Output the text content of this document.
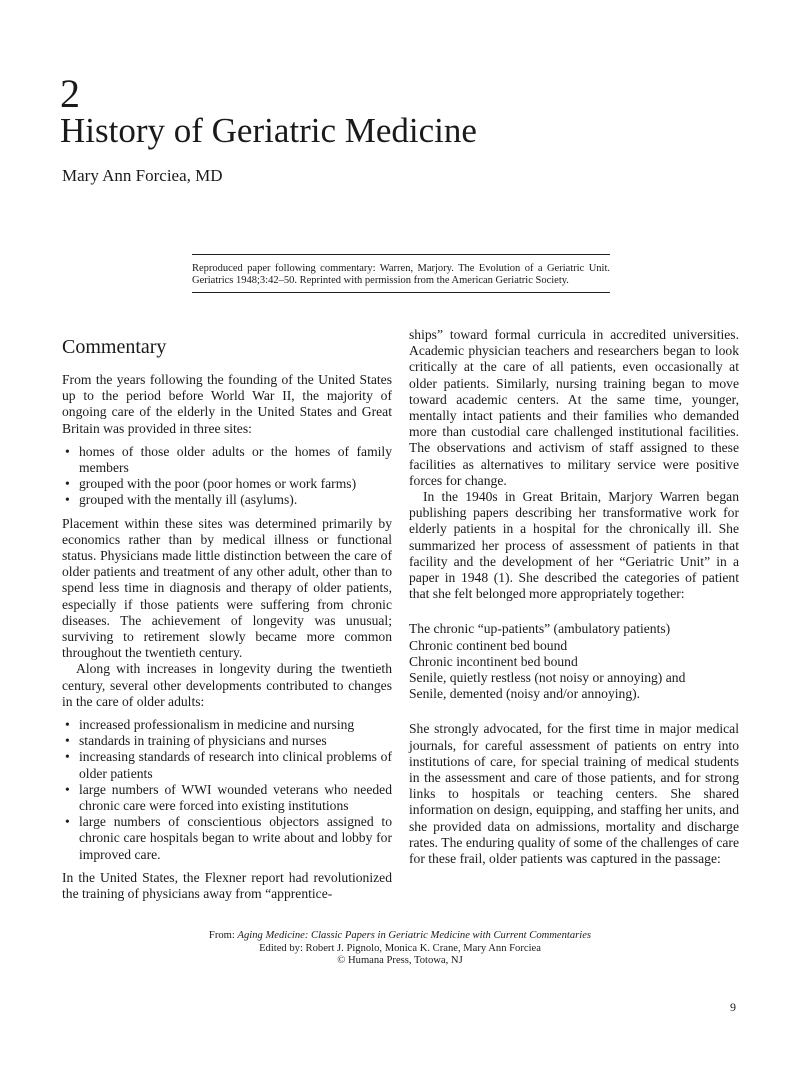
2
History of Geriatric Medicine
Mary Ann Forciea, MD
Reproduced paper following commentary: Warren, Marjory. The Evolution of a Geriatric Unit. Geriatrics 1948;3:42–50. Reprinted with permission from the American Geriatric Society.
Commentary

From the years following the founding of the United States up to the period before World War II, the majority of ongoing care of the elderly in the United States and Great Britain was provided in three sites:

• homes of those older adults or the homes of family members
• grouped with the poor (poor homes or work farms)
• grouped with the mentally ill (asylums).

Placement within these sites was determined primarily by economics rather than by medical illness or functional status. Physicians made little distinction between the care of older patients and treatment of any other adult, other than to spend less time in diagnosis and therapy of older patients, especially if those patients were suffering from chronic diseases. The achievement of longevity was unusual; surviving to retirement slowly became more common throughout the twentieth century.

Along with increases in longevity during the twentieth century, several other developments contributed to changes in the care of older adults:

• increased professionalism in medicine and nursing
• standards in training of physicians and nurses
• increasing standards of research into clinical problems of older patients
• large numbers of WWI wounded veterans who needed chronic care were forced into existing institutions
• large numbers of conscientious objectors assigned to chronic care hospitals began to write about and lobby for improved care.

In the United States, the Flexner report had revolutionized the training of physicians away from “apprentice-

ships” toward formal curricula in accredited universities. Academic physician teachers and researchers began to look critically at the care of all patients, even occasionally at older patients. Similarly, nursing training began to move toward academic centers. At the same time, younger, mentally intact patients and their families who demanded more than custodial care challenged institutional facilities. The observations and activism of staff assigned to these facilities as alternatives to military service were positive forces for change.

In the 1940s in Great Britain, Marjory Warren began publishing papers describing her transformative work for elderly patients in a hospital for the chronically ill. She summarized her process of assessment of patients in that facility and the development of her “Geriatric Unit” in a paper in 1948 (1). She described the categories of patient that she felt belonged more appropriately together:

The chronic “up-patients” (ambulatory patients)
Chronic continent bed bound
Chronic incontinent bed bound
Senile, quietly restless (not noisy or annoying) and
Senile, demented (noisy and/or annoying).

She strongly advocated, for the first time in major medical journals, for careful assessment of patients on entry into institutions of care, for special training of medical students in the assessment and care of those patients, and for strong links to hospitals or teaching centers. She shared information on design, equipping, and staffing her units, and she provided data on admissions, mortality and discharge rates. The enduring quality of some of the challenges of care for these frail, older patients was captured in the passage:

From: Aging Medicine: Classic Papers in Geriatric Medicine with Current Commentaries
Edited by: Robert J. Pignolo, Monica K. Crane, Mary Ann Forciea
© Humana Press, Totowa, NJ
9
